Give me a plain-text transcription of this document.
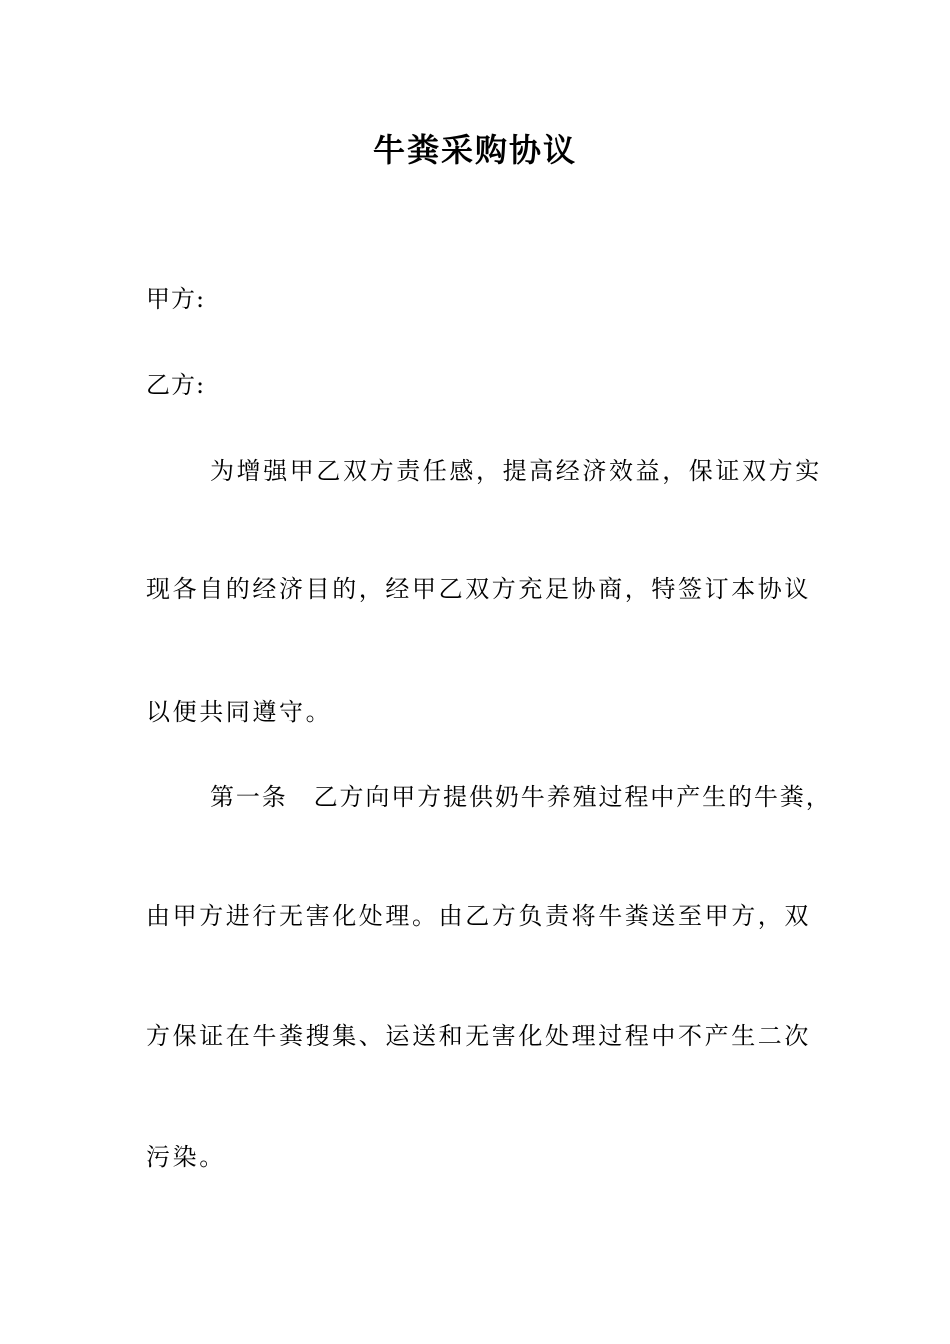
牛粪采购协议
甲方:
乙方:
为增强甲乙双方责任感，提高经济效益，保证双方实
现各自的经济目的，经甲乙双方充足协商，特签订本协议
以便共同遵守。
第一条　乙方向甲方提供奶牛养殖过程中产生的牛粪，
由甲方进行无害化处理。由乙方负责将牛粪送至甲方，双
方保证在牛粪搜集、运送和无害化处理过程中不产生二次
污染。
